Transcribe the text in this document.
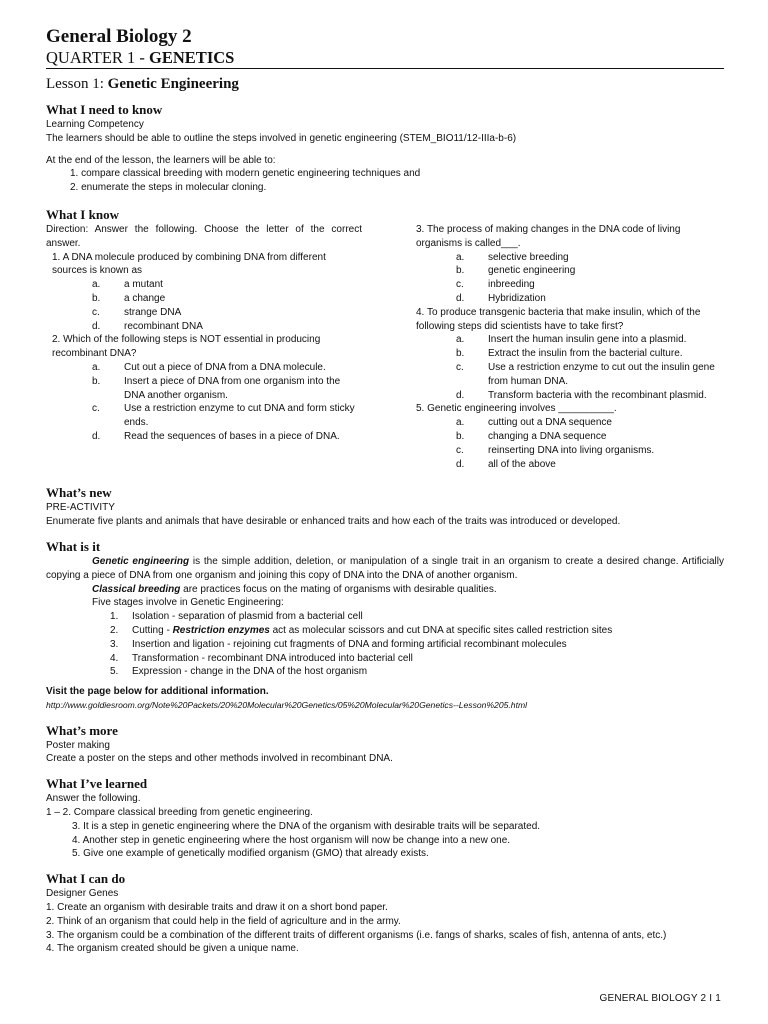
General Biology 2
QUARTER 1 - GENETICS
Lesson 1: Genetic Engineering
What I need to know

Learning Competency

The learners should be able to outline the steps involved in genetic engineering (STEM_BIO11/12-IIIa-b-6)

At the end of the lesson, the learners will be able to:

1. compare classical breeding with modern genetic engineering techniques and

2. enumerate the steps in molecular cloning.

What I know

Direction: Answer the following. Choose the letter of the correct answer.

1. A DNA molecule produced by combining DNA from different sources is known as

a.	a mutant
b.	a change
c.	strange DNA
d.	recombinant DNA

2. Which of the following steps is NOT essential in producing recombinant DNA?

a.	Cut out a piece of DNA from a DNA molecule.
b.	Insert a piece of DNA from one organism into the DNA another organism.
c.	Use a restriction enzyme to cut DNA and form sticky ends.
d.	Read the sequences of bases in a piece of DNA.

3. The process of making changes in the DNA code of living organisms is called___.

a.	selective breeding
b.	genetic engineering
c.	inbreeding
d.	Hybridization

4. To produce transgenic bacteria that make insulin, which of the following steps did scientists have to take first?

a.	Insert the human insulin gene into a plasmid.
b.	Extract the insulin from the bacterial culture.
c.	Use a restriction enzyme to cut out the insulin gene from human DNA.
d.	Transform bacteria with the recombinant plasmid.

5. Genetic engineering involves __________.

a.	cutting out a DNA sequence
b.	changing a DNA sequence
c.	reinserting DNA into living organisms.
d.	all of the above
What’s new

PRE-ACTIVITY

Enumerate five plants and animals that have desirable or enhanced traits and how each of the traits was introduced or developed.

What is it

Genetic engineering is the simple addition, deletion, or manipulation of a single trait in an organism to create a desired change. Artificially copying a piece of DNA from one organism and joining this copy of DNA into the DNA of another organism.

Classical breeding are practices focus on the mating of organisms with desirable qualities.

Five stages involve in Genetic Engineering:

1.	Isolation - separation of plasmid from a bacterial cell
2.	Cutting - Restriction enzymes act as molecular scissors and cut DNA at specific sites called restriction sites
3.	Insertion and ligation - rejoining cut fragments of DNA and forming artificial recombinant molecules
4.	Transformation - recombinant DNA introduced into bacterial cell
5.	Expression - change in the DNA of the host organism

Visit the page below for additional information.

http://www.goldiesroom.org/Note%20Packets/20%20Molecular%20Genetics/05%20Molecular%20Genetics--Lesson%205.html

What’s more

Poster making

Create a poster on the steps and other methods involved in recombinant DNA.

What I’ve learned

Answer the following.

1 – 2. Compare classical breeding from genetic engineering.

3. It is a step in genetic engineering where the DNA of the organism with desirable traits will be separated.

4. Another step in genetic engineering where the host organism will now be change into a new one.

5. Give one example of genetically modified organism (GMO) that already exists.

What I can do

Designer Genes

1. Create an organism with desirable traits and draw it on a short bond paper.

2. Think of an organism that could help in the field of agriculture and in the army.

3. The organism could be a combination of the different traits of different organisms (i.e. fangs of sharks, scales of fish, antenna of ants, etc.)

4. The organism created should be given a unique name.

GENERAL BIOLOGY 2 I 1
